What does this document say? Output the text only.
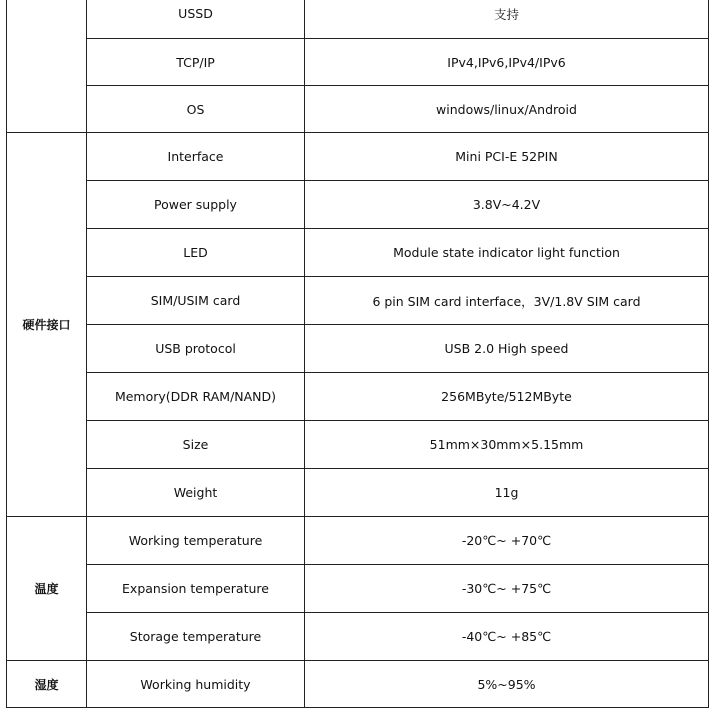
	USSD	支持
	TCP/IP	IPv4,IPv6,IPv4/IPv6
	OS	windows/linux/Android
硬件接口	Interface	Mini PCI-E 52PIN
	Power supply	3.8V~4.2V
	LED	Module state indicator light function
	SIM/USIM card	6 pin SIM card interface，3V/1.8V SIM card
	USB protocol	USB 2.0 High speed
	Memory(DDR RAM/NAND)	256MByte/512MByte
	Size	51mm×30mm×5.15mm
	Weight	11g
温度	Working temperature	-20℃~ +70℃
	Expansion temperature	-30℃~ +75℃
	Storage temperature	-40℃~ +85℃
湿度	Working humidity	5%~95%
